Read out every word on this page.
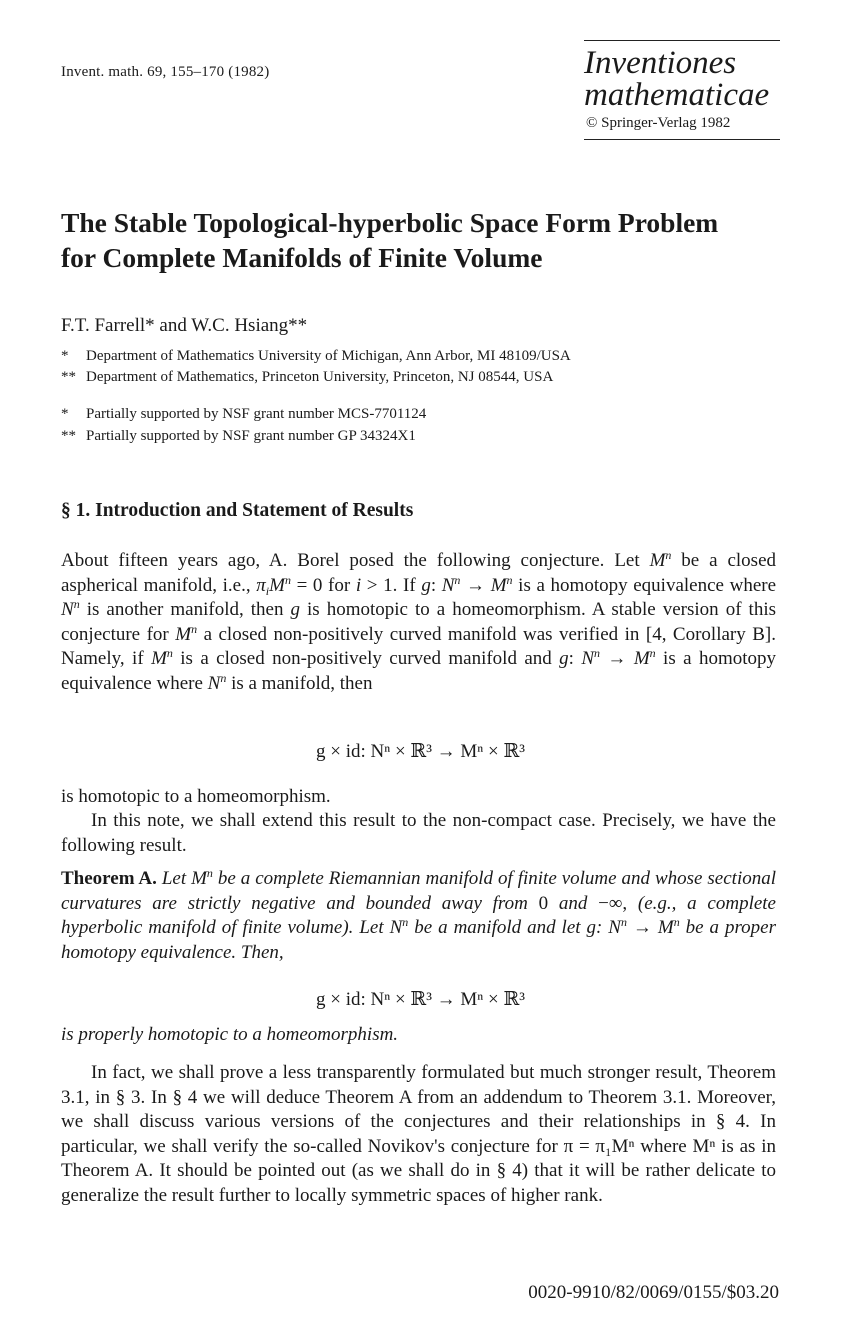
Invent. math. 69, 155–170 (1982)	Inventiones
mathematicae
© Springer-Verlag 1982
The Stable Topological-hyperbolic Space Form Problem
for Complete Manifolds of Finite Volume
F.T. Farrell* and W.C. Hsiang**
* Department of Mathematics University of Michigan, Ann Arbor, MI 48109/USA
** Department of Mathematics, Princeton University, Princeton, NJ 08544, USA
* Partially supported by NSF grant number MCS-7701124
** Partially supported by NSF grant number GP 34324X1
§ 1. Introduction and Statement of Results
About fifteen years ago, A. Borel posed the following conjecture. Let $M^n$ be a closed aspherical manifold, i.e., $\pi_iM^n = 0$ for i > 1. If g: $N^n \to M^n$ is a homotopy equivalence where $N^n$ is another manifold, then g is homotopic to a homeomorphism. A stable version of this conjecture for $M^n$ a closed non-positively curved manifold was verified in [4, Corollary B]. Namely, if $M^n$ is a closed non-positively curved manifold and g: $N^n \to M^n$ is a homotopy equivalence where $N^n$ is a manifold, then
g × id: Nⁿ × ℝ³ → Mⁿ × ℝ³
is homotopic to a homeomorphism.
In this note, we shall extend this result to the non-compact case. Precisely, we have the following result.
Theorem A. Let $M^n$ be a complete Riemannian manifold of finite volume and whose sectional curvatures are strictly negative and bounded away from 0 and −∞, (e.g., a complete hyperbolic manifold of finite volume). Let $N^n$ be a manifold and let g: $N^n \to M^n$ be a proper homotopy equivalence. Then,
g × id: Nⁿ × ℝ³ → Mⁿ × ℝ³
is properly homotopic to a homeomorphism.
In fact, we shall prove a less transparently formulated but much stronger result, Theorem 3.1, in § 3. In § 4 we will deduce Theorem A from an addendum to Theorem 3.1. Moreover, we shall discuss various versions of the conjectures and their relationships in § 4. In particular, we shall verify the so-called Novikov's conjecture for π = π₁Mⁿ where Mⁿ is as in Theorem A. It should be pointed out (as we shall do in § 4) that it will be rather delicate to generalize the result further to locally symmetric spaces of higher rank.
0020-9910/82/0069/0155/$03.20
